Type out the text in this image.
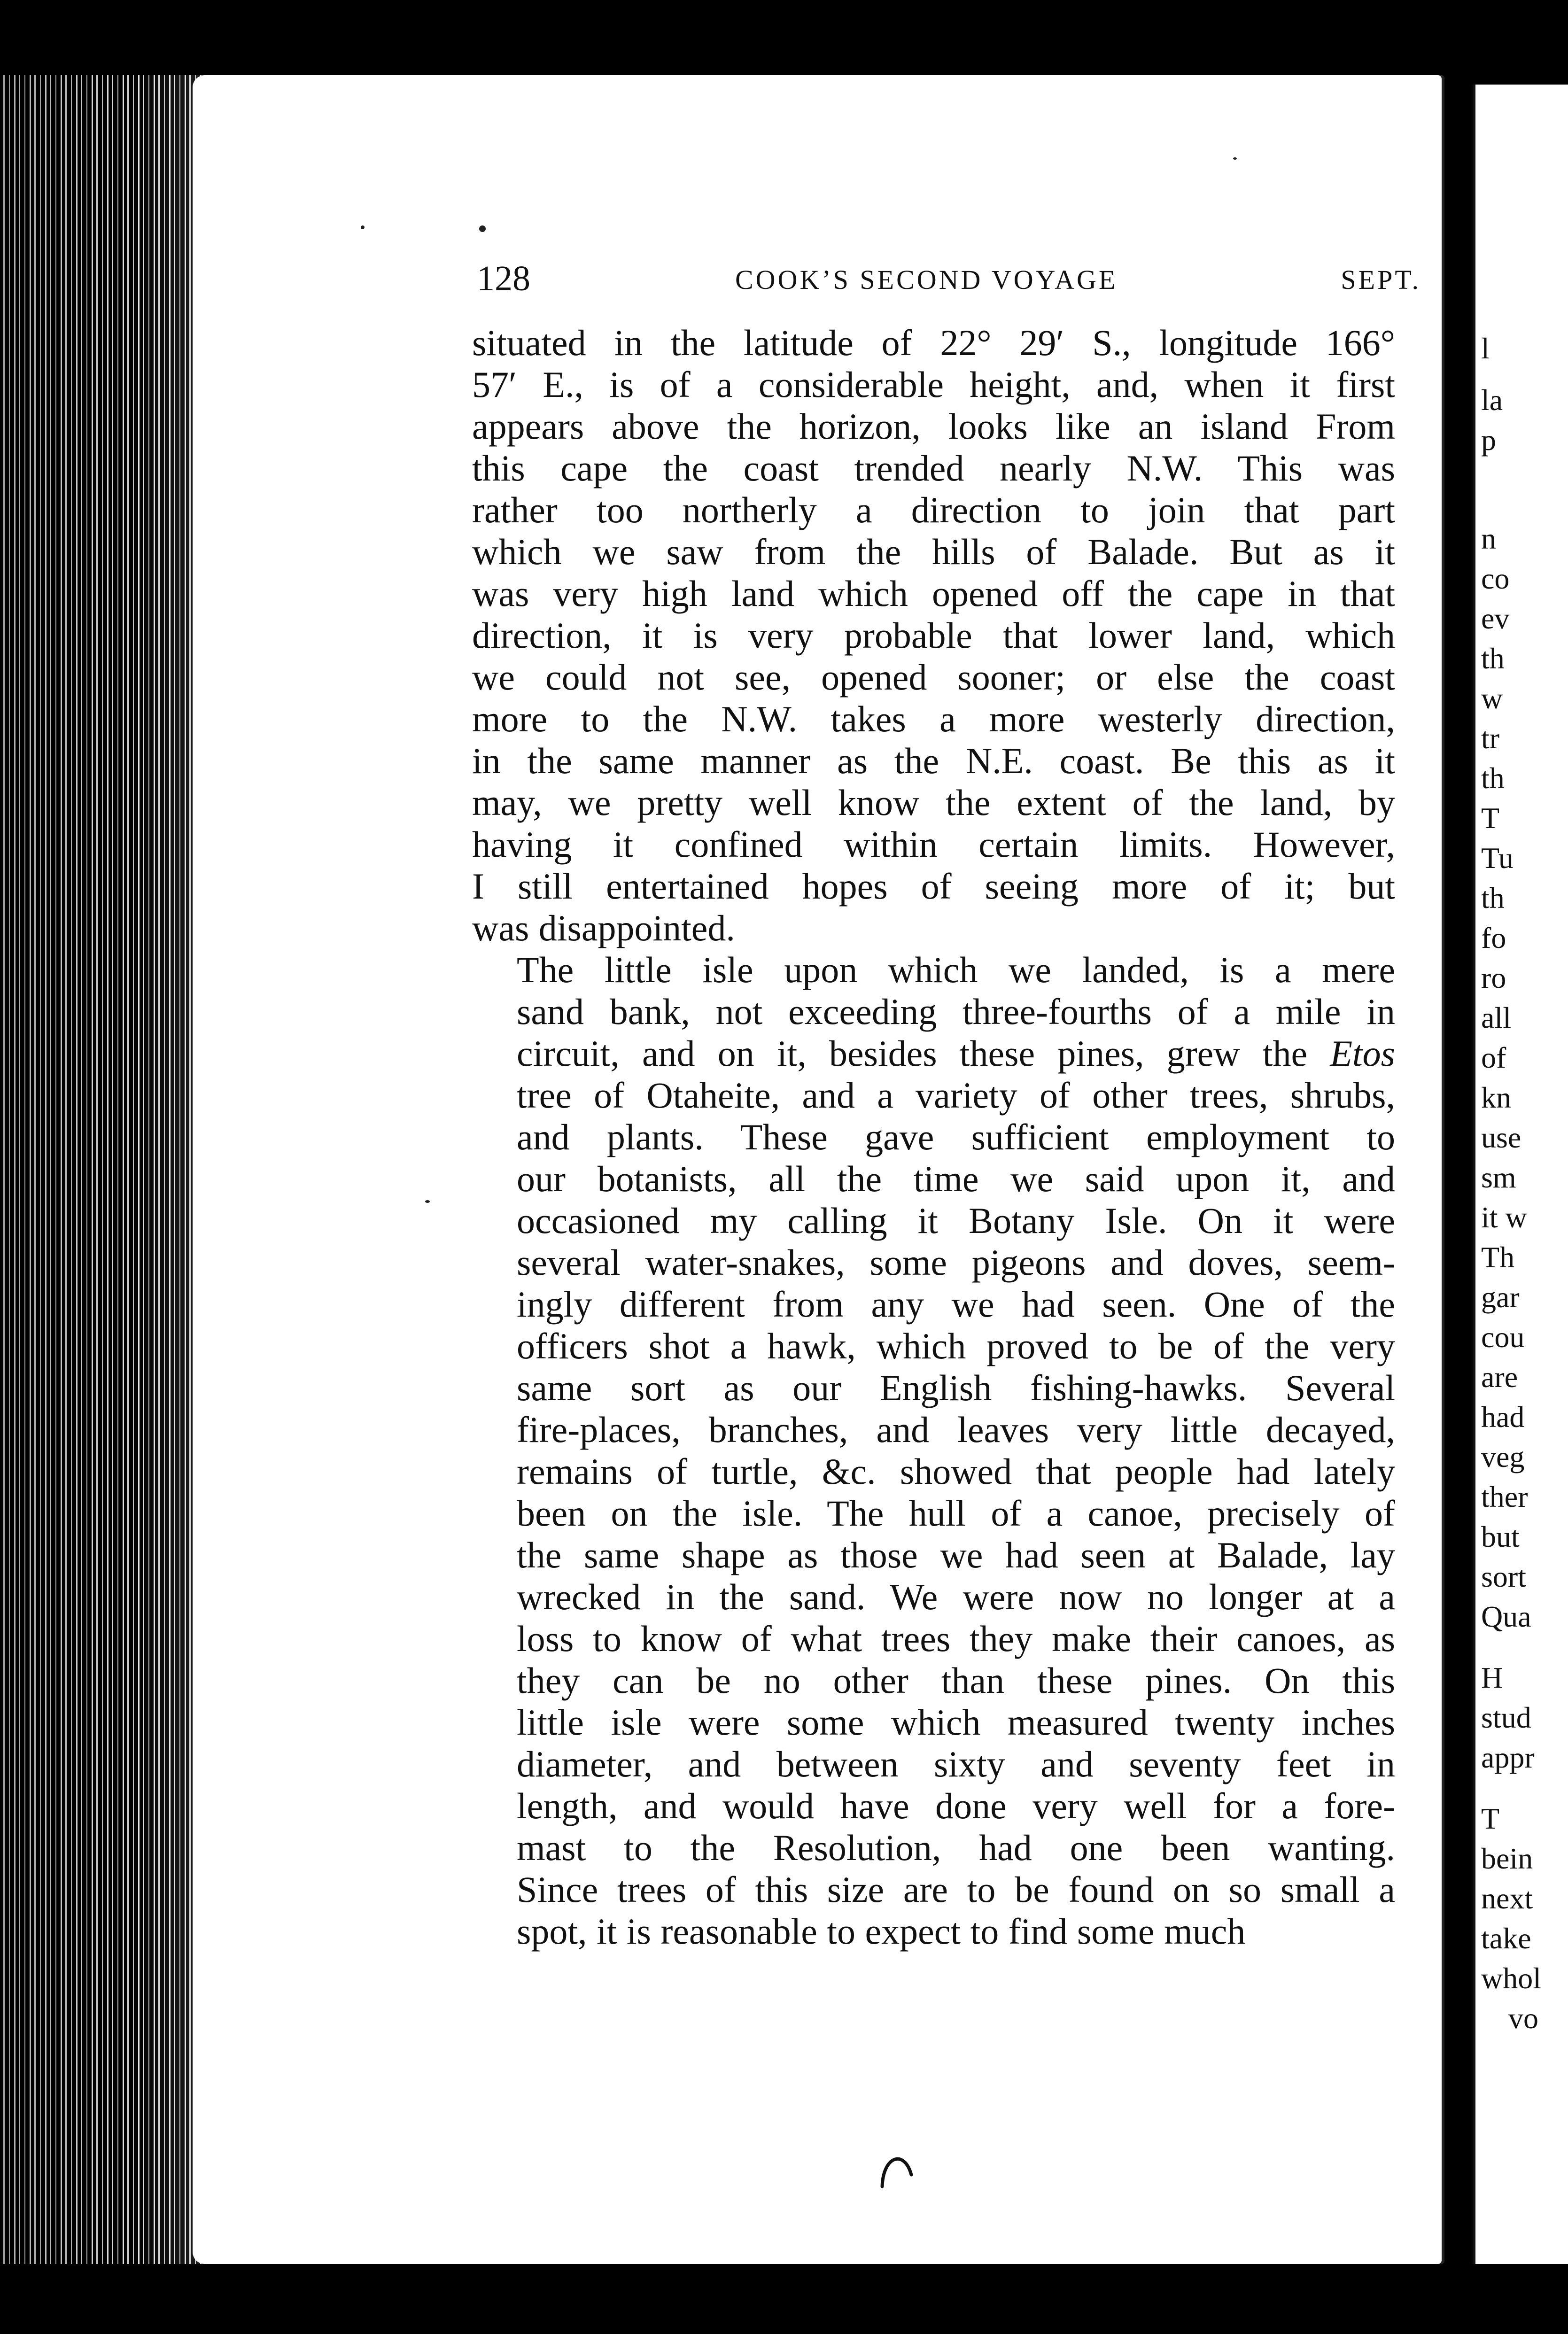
l

la

p

n

co

ev

th

w

tr

th

T

Tu

th

fo

ro

all

of

kn

use

sm

it w

Th

gar

cou

are

had

veg

ther

but

sort

Qua

H

stud

appr

T

bein

next

take

whol

vo

128	COOK’S SECOND VOYAGE	SEPT.

situated in the latitude of 22° 29′ S., longitude 166°
57′ E., is of a considerable height, and, when it first
appears above the horizon, looks like an island From
this cape the coast trended nearly N.W. This was
rather too northerly a direction to join that part
which we saw from the hills of Balade. But as it
was very high land which opened off the cape in that
direction, it is very probable that lower land, which
we could not see, opened sooner; or else the coast
more to the N.W. takes a more westerly direction,
in the same manner as the N.E. coast. Be this as it
may, we pretty well know the extent of the land, by
having it confined within certain limits. However,
I still entertained hopes of seeing more of it; but
was disappointed.

The little isle upon which we landed, is a mere
sand bank, not exceeding three-fourths of a mile in
circuit, and on it, besides these pines, grew the Etos
tree of Otaheite, and a variety of other trees, shrubs,
and plants. These gave sufficient employment to
our botanists, all the time we said upon it, and
occasioned my calling it Botany Isle. On it were
several water-snakes, some pigeons and doves, seem-
ingly different from any we had seen. One of the
officers shot a hawk, which proved to be of the very
same sort as our English fishing-hawks. Several
fire-places, branches, and leaves very little decayed,
remains of turtle, &c. showed that people had lately
been on the isle. The hull of a canoe, precisely of
the same shape as those we had seen at Balade, lay
wrecked in the sand. We were now no longer at a
loss to know of what trees they make their canoes, as
they can be no other than these pines. On this
little isle were some which measured twenty inches
diameter, and between sixty and seventy feet in
length, and would have done very well for a fore-
mast to the Resolution, had one been wanting.
Since trees of this size are to be found on so small a
spot, it is reasonable to expect to find some much
